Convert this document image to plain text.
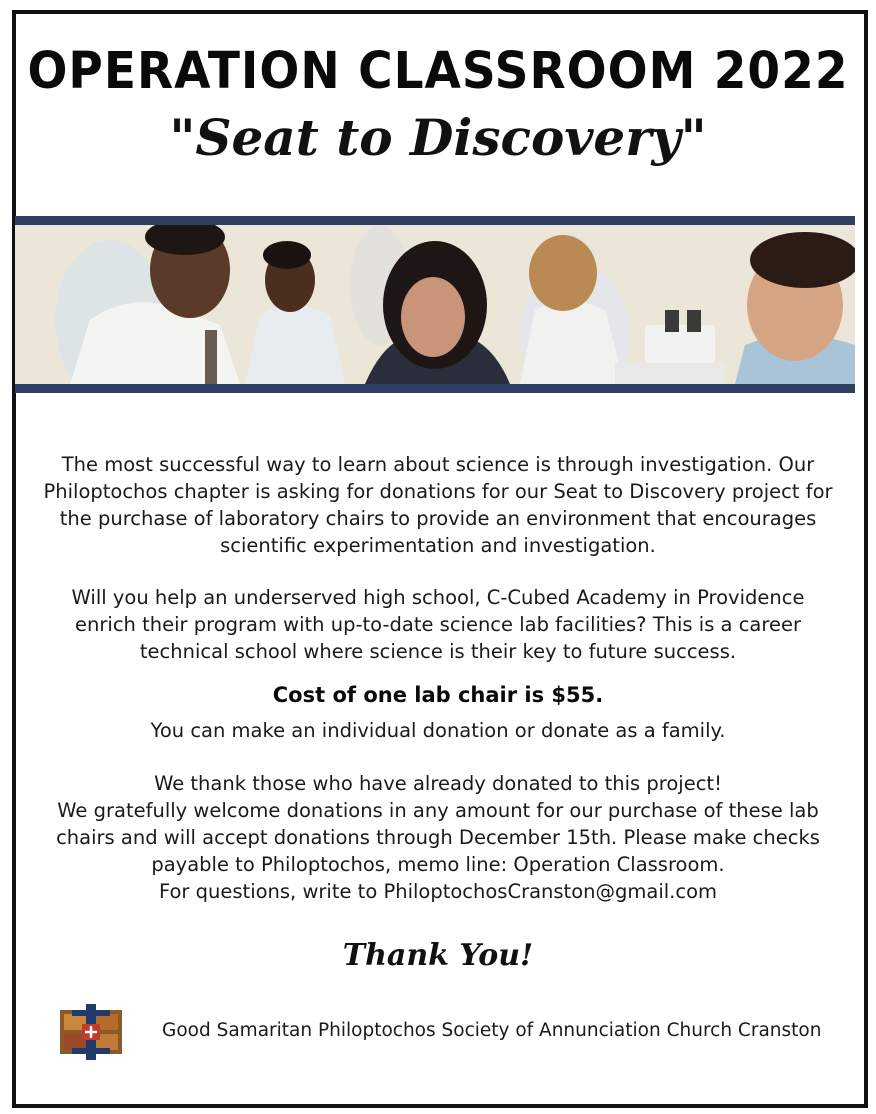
OPERATION CLASSROOM 2022
"Seat to Discovery"
The most successful way to learn about science is through investigation. Our Philoptochos chapter is asking for donations for our Seat to Discovery project for the purchase of laboratory chairs to provide an environment that encourages scientific experimentation and investigation.
Will you help an underserved high school, C-Cubed Academy in Providence enrich their program with up-to-date science lab facilities? This is a career technical school where science is their key to future success.
Cost of one lab chair is $55.
You can make an individual donation or donate as a family.
We thank those who have already donated to this project!
We gratefully welcome donations in any amount for our purchase of these lab chairs and will accept donations through December 15th. Please make checks payable to Philoptochos, memo line: Operation Classroom.
For questions, write to PhiloptochosCranston@gmail.com
Thank You!
Good Samaritan Philoptochos Society of Annunciation Church Cranston
